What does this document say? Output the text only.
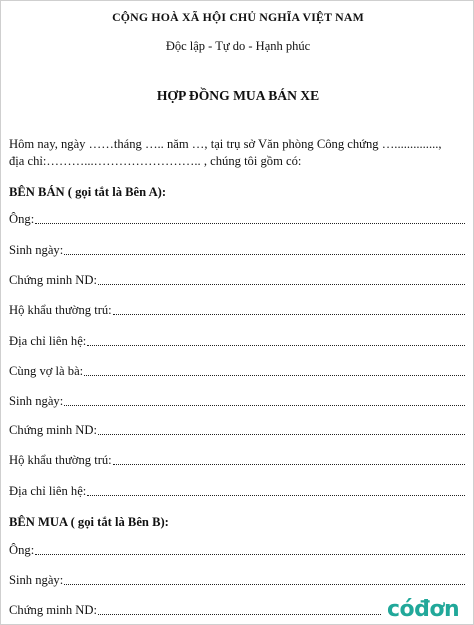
CỘNG HOÀ XÃ HỘI CHỦ NGHĨA VIỆT NAM
Độc lập - Tự do - Hạnh phúc
HỢP ĐỒNG MUA BÁN XE
Hôm nay, ngày ……tháng ….. năm …, tại trụ sở Văn phòng Công chứng …..............,
địa chỉ:………...…………………….. , chúng tôi gồm có:
BÊN BÁN ( gọi tắt là Bên A):
Ông:
Sinh ngày:
Chứng minh ND:
Hộ khẩu thường trú:
Địa chỉ liên hệ:
Cùng vợ là bà:
Sinh ngày:
Chứng minh ND:
Hộ khẩu thường trú:
Địa chỉ liên hệ:
BÊN MUA ( gọi tắt là Bên B):
Ông:
Sinh ngày:
Chứng minh ND:	cóđơn
